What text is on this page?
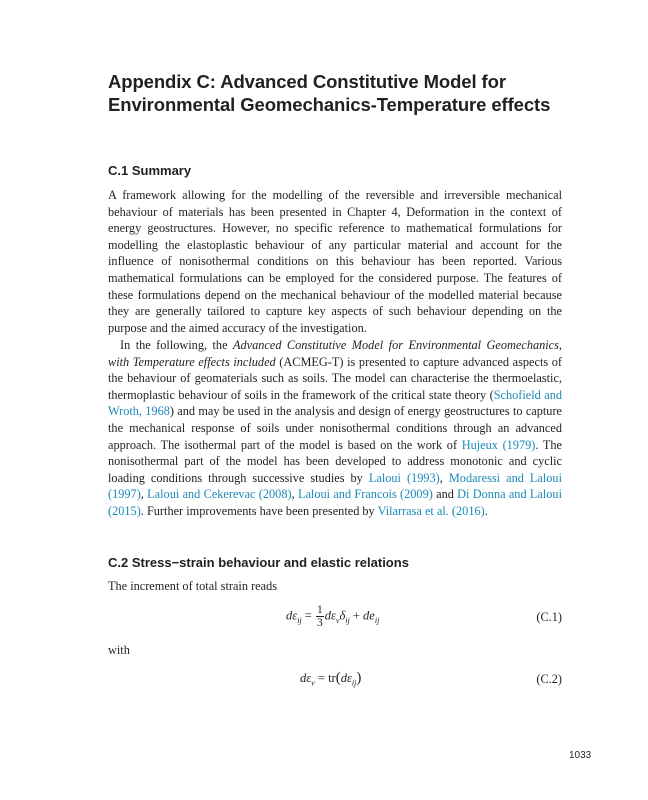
Appendix C: Advanced Constitutive Model for
Environmental Geomechanics-Temperature effects
C.1 Summary

A framework allowing for the modelling of the reversible and irreversible mechanical behaviour of materials has been presented in Chapter 4, Deformation in the context of energy geostructures. However, no specific reference to mathematical formulations for modelling the elastoplastic behaviour of any particular material and account for the influence of nonisothermal conditions on this behaviour has been reported. Various mathematical formulations can be employed for the considered purpose. The features of these formulations depend on the mechanical behaviour of the modelled material because they are generally tailored to capture key aspects of such behaviour depending on the purpose and the aimed accuracy of the investigation.

In the following, the Advanced Constitutive Model for Environmental Geomechanics, with Temperature effects included (ACMEG-T) is presented to capture advanced aspects of the behaviour of geomaterials such as soils. The model can characterise the thermoelastic, thermoplastic behaviour of soils in the framework of the critical state theory (Schofield and Wroth, 1968) and may be used in the analysis and design of energy geostructures to capture the mechanical response of soils under nonisothermal conditions through an advanced approach. The isothermal part of the model is based on the work of Hujeux (1979). The nonisothermal part of the model has been developed to address monotonic and cyclic loading conditions through successive studies by Laloui (1993), Modaressi and Laloui (1997), Laloui and Cekerevac (2008), Laloui and Francois (2009) and Di Donna and Laloui (2015). Further improvements have been presented by Vilarrasa et al. (2016).

C.2 Stress−strain behaviour and elastic relations

The increment of total strain reads

$d\varepsilon_{ij} = \frac{1}{3} d\varepsilon_v\delta_{ij} + de_{ij}$	(C.1)

with

$d\varepsilon_v = tr(d\varepsilon_{ij})$	(C.2)
1033
